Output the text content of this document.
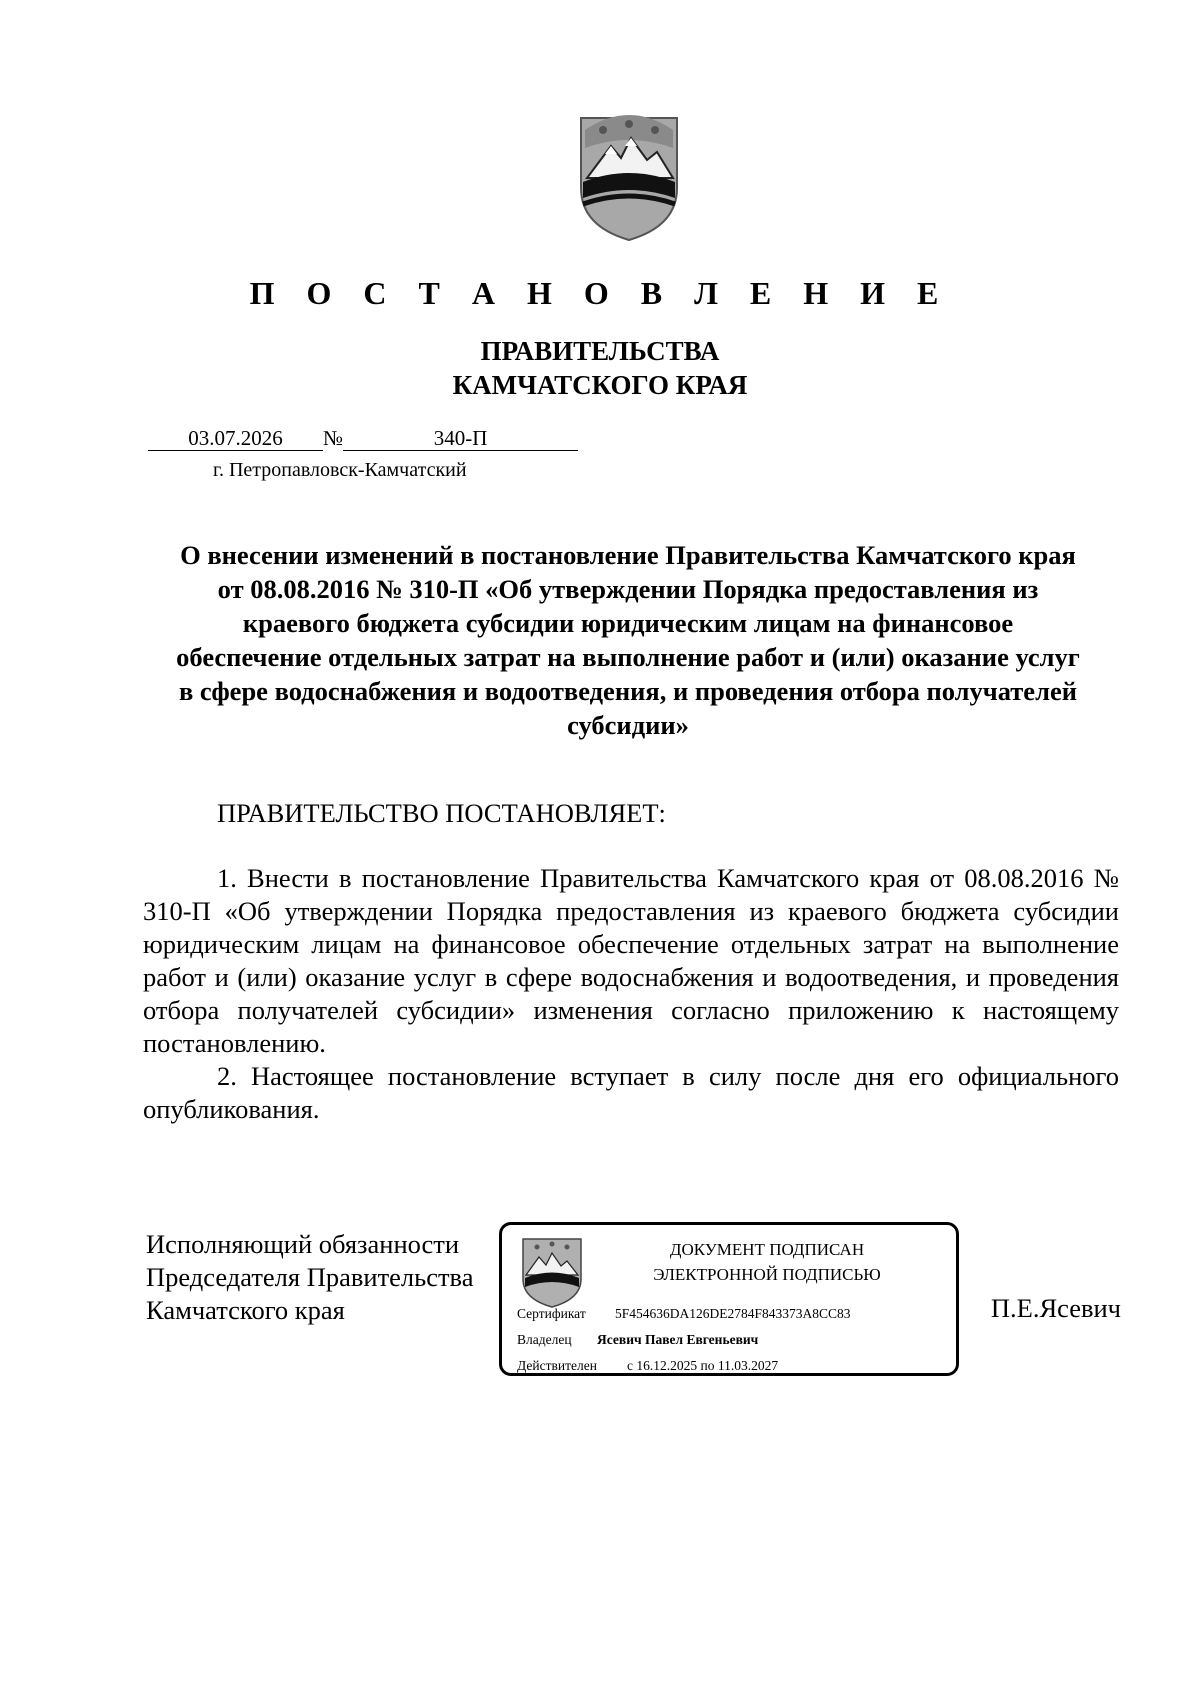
П О С Т А Н О В Л Е Н И Е
ПРАВИТЕЛЬСТВА
КАМЧАТСКОГО КРАЯ
03.07.2026 №	340-П
г. Петропавловск-Камчатский
О внесении изменений в постановление Правительства Камчатского края
от 08.08.2016 № 310-П «Об утверждении Порядка предоставления из
краевого бюджета субсидии юридическим лицам на финансовое
обеспечение отдельных затрат на выполнение работ и (или) оказание услуг
в сфере водоснабжения и водоотведения, и проведения отбора получателей
субсидии»

ПРАВИТЕЛЬСТВО ПОСТАНОВЛЯЕТ:

1. Внести в постановление Правительства Камчатского края от 08.08.2016 № 310-П «Об утверждении Порядка предоставления из краевого бюджета субсидии юридическим лицам на финансовое обеспечение отдельных затрат на выполнение работ и (или) оказание услуг в сфере водоснабжения и водоотведения, и проведения отбора получателей субсидии» изменения согласно приложению к настоящему постановлению.

2. Настоящее постановление вступает в силу после дня его официального опубликования.

Исполняющий обязанности
Председателя Правительства
Камчатского края
ДОКУМЕНТ ПОДПИСАН
ЭЛЕКТРОННОЙ ПОДПИСЬЮ
Сертификат 5F454636DA126DE2784F843373A8CC83
Владелец Ясевич Павел Евгеньевич
Действителен с 16.12.2025 по 11.03.2027
П.Е.Ясевич
